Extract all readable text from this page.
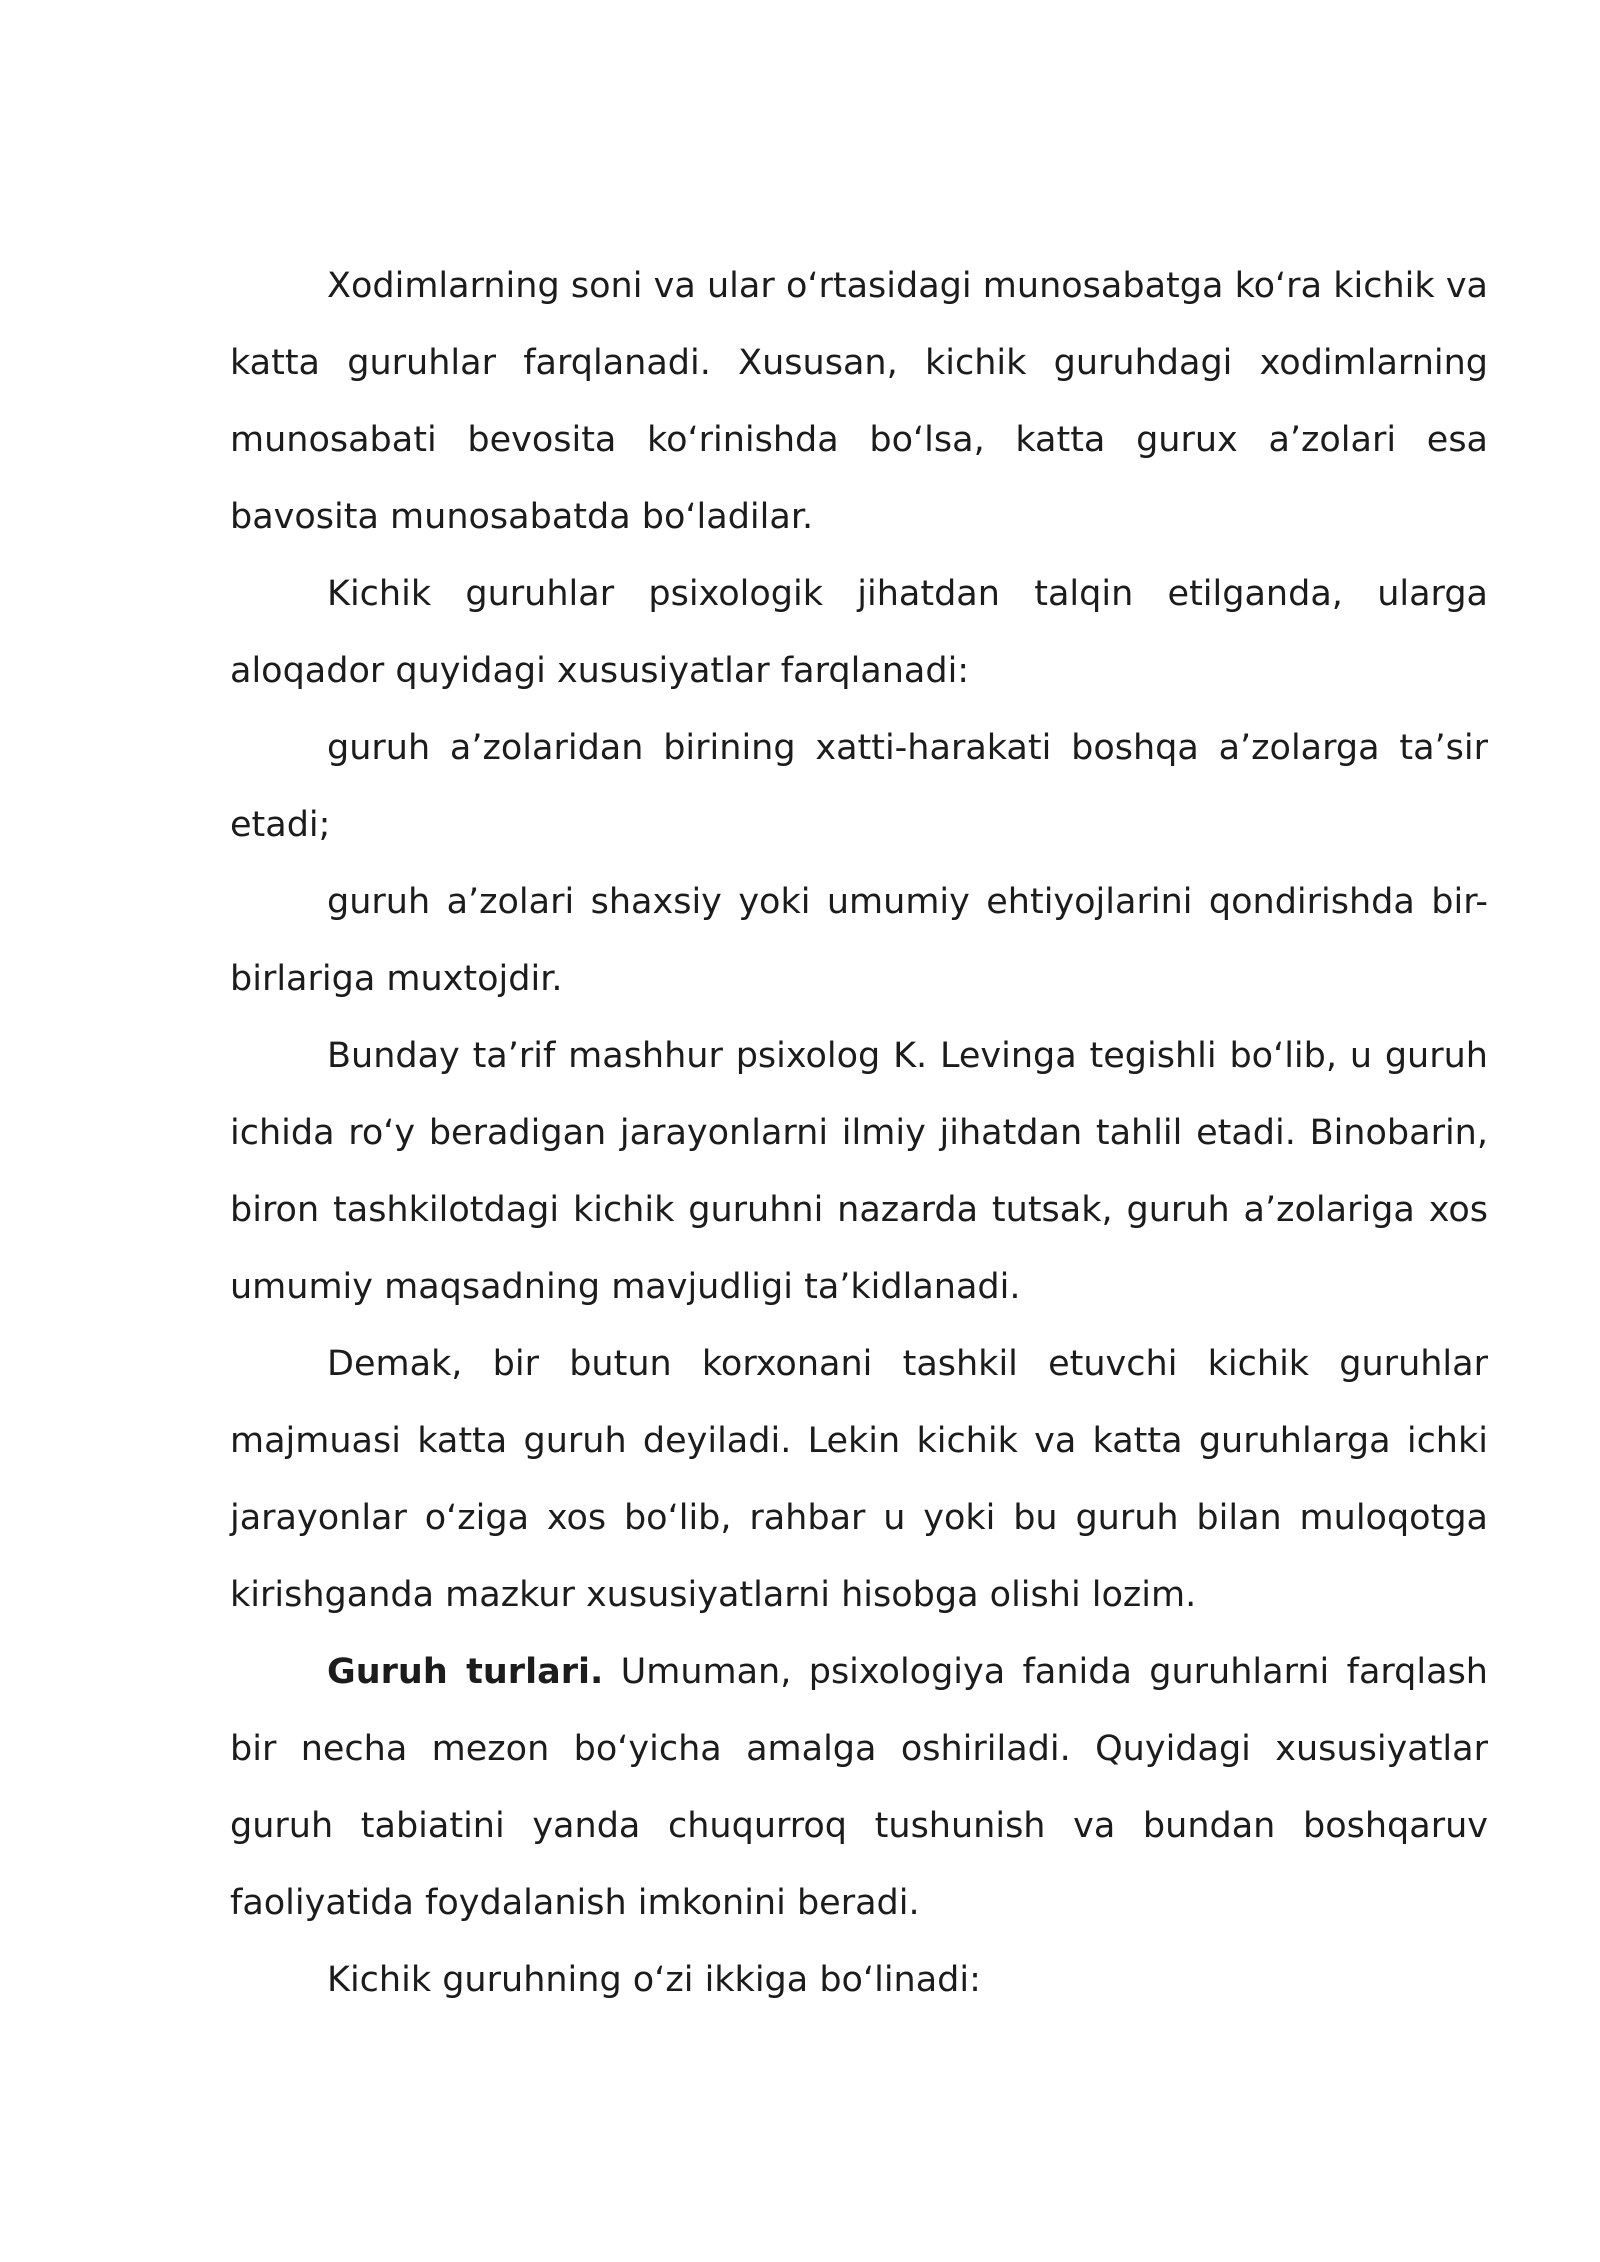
Xodimlarning soni va ular o‘rtasidagi munosabatga ko‘ra kichik va katta guruhlar farqlanadi. Xususan, kichik guruhdagi xodimlarning munosabati bevosita ko‘rinishda bo‘lsa, katta gurux a’zolari esa bavosita munosabatda bo‘ladilar.

Kichik guruhlar psixologik jihatdan talqin etilganda, ularga aloqador quyidagi xususiyatlar farqlanadi:

guruh a’zolaridan birining xatti-harakati boshqa a’zolarga ta’sir etadi;

guruh a’zolari shaxsiy yoki umumiy ehtiyojlarini qondirishda bir-birlariga muxtojdir.

Bunday ta’rif mashhur psixolog K. Levinga tegishli bo‘lib, u guruh ichida ro‘y beradigan jarayonlarni ilmiy jihatdan tahlil etadi. Binobarin, biron tashkilotdagi kichik guruhni nazarda tutsak, guruh a’zolariga xos umumiy maqsadning mavjudligi ta’kidlanadi.

Demak, bir butun korxonani tashkil etuvchi kichik guruhlar majmuasi katta guruh deyiladi. Lekin kichik va katta guruhlarga ichki jarayonlar o‘ziga xos bo‘lib, rahbar u yoki bu guruh bilan muloqotga kirishganda mazkur xususiyatlarni hisobga olishi lozim.

Guruh turlari. Umuman, psixologiya fanida guruhlarni farqlash bir necha mezon bo‘yicha amalga oshiriladi. Quyidagi xususiyatlar guruh tabiatini yanda chuqurroq tushunish va bundan boshqaruv faoliyatida foydalanish imkonini beradi.

Kichik guruhning o‘zi ikkiga bo‘linadi:
